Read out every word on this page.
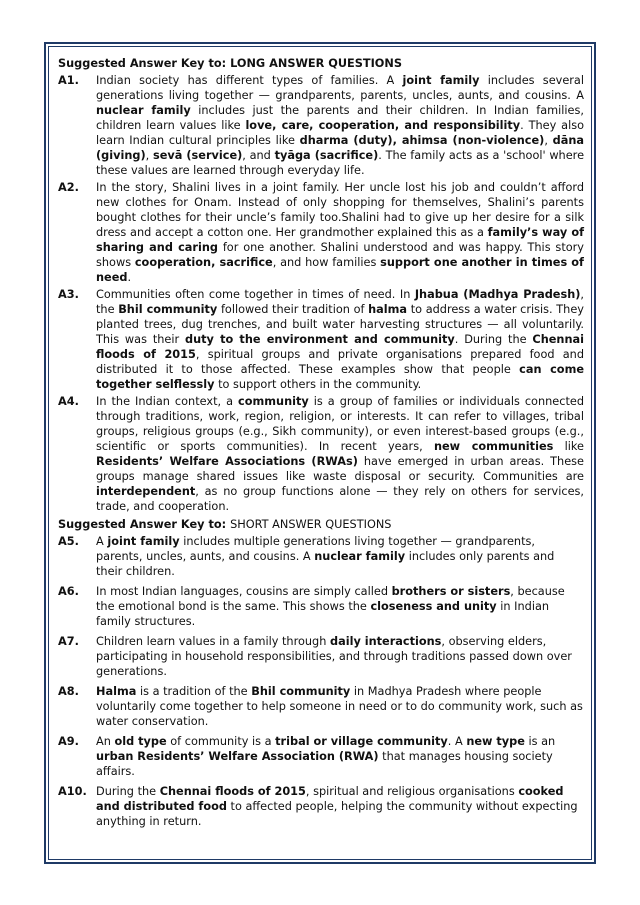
Suggested Answer Key to: LONG ANSWER QUESTIONS
A1.	Indian society has different types of families. A joint family includes several generations living together — grandparents, parents, uncles, aunts, and cousins. A nuclear family includes just the parents and their children. In Indian families, children learn values like love, care, cooperation, and responsibility. They also learn Indian cultural principles like dharma (duty), ahimsa (non-violence), dāna (giving), sevā (service), and tyāga (sacrifice). The family acts as a 'school' where these values are learned through everyday life.
A2.	In the story, Shalini lives in a joint family. Her uncle lost his job and couldn’t afford new clothes for Onam. Instead of only shopping for themselves, Shalini’s parents bought clothes for their uncle’s family too.Shalini had to give up her desire for a silk dress and accept a cotton one. Her grandmother explained this as a family’s way of sharing and caring for one another. Shalini understood and was happy. This story shows cooperation, sacrifice, and how families support one another in times of need.
A3.	Communities often come together in times of need. In Jhabua (Madhya Pradesh), the Bhil community followed their tradition of halma to address a water crisis. They planted trees, dug trenches, and built water harvesting structures — all voluntarily. This was their duty to the environment and community. During the Chennai floods of 2015, spiritual groups and private organisations prepared food and distributed it to those affected. These examples show that people can come together selflessly to support others in the community.
A4.	In the Indian context, a community is a group of families or individuals connected through traditions, work, region, religion, or interests. It can refer to villages, tribal groups, religious groups (e.g., Sikh community), or even interest-based groups (e.g., scientific or sports communities). In recent years, new communities like Residents’ Welfare Associations (RWAs) have emerged in urban areas. These groups manage shared issues like waste disposal or security. Communities are interdependent, as no group functions alone — they rely on others for services, trade, and cooperation.
Suggested Answer Key to: SHORT ANSWER QUESTIONS
A5.	A joint family includes multiple generations living together — grandparents, parents, uncles, aunts, and cousins. A nuclear family includes only parents and their children.
A6.	In most Indian languages, cousins are simply called brothers or sisters, because the emotional bond is the same. This shows the closeness and unity in Indian family structures.
A7.	Children learn values in a family through daily interactions, observing elders, participating in household responsibilities, and through traditions passed down over generations.
A8.	Halma is a tradition of the Bhil community in Madhya Pradesh where people voluntarily come together to help someone in need or to do community work, such as water conservation.
A9.	An old type of community is a tribal or village community. A new type is an urban Residents’ Welfare Association (RWA) that manages housing society affairs.
A10. During the Chennai floods of 2015, spiritual and religious organisations cooked and distributed food to affected people, helping the community without expecting anything in return.
